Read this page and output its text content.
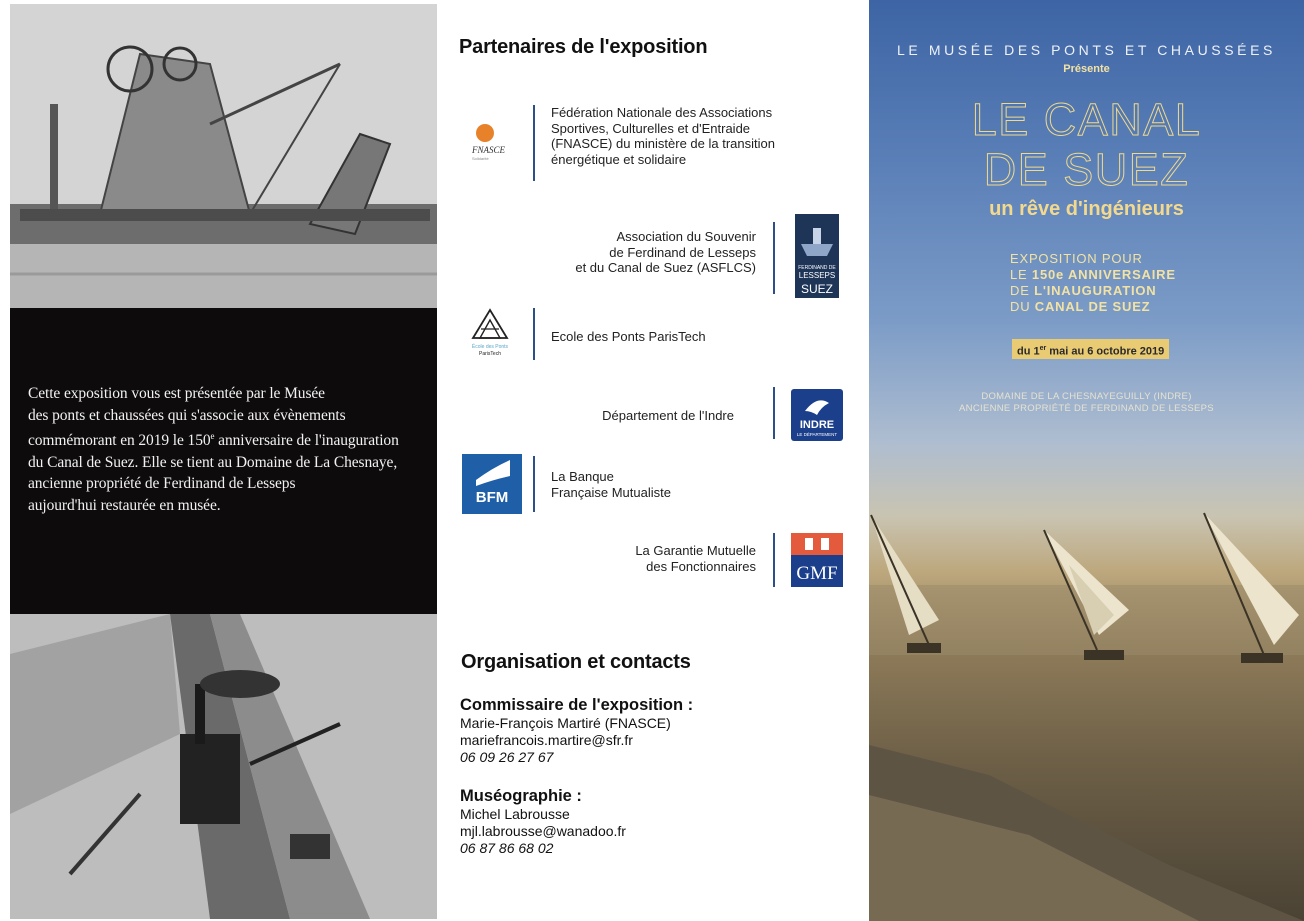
Cette exposition vous est présentée par le Musée
des ponts et chaussées qui s'associe aux évènements
commémorant en 2019 le 150e anniversaire de l'inauguration
du Canal de Suez. Elle se tient au Domaine de La Chesnaye,
ancienne propriété de Ferdinand de Lesseps
aujourd'hui restaurée en musée.

Partenaires de l'exposition
FNASCE
Solidarité

Fédération Nationale des Associations
Sportives, Culturelles et d'Entraide
(FNASCE) du ministère de la transition
énergétique et solidaire

Association du Souvenir
de Ferdinand de Lesseps
et du Canal de Suez (ASFLCS)	FERDINAND DE
LESSEPS
SUEZ
École des Ponts
ParisTech

Ecole des Ponts ParisTech

Département de l'Indre

INDRE
LE DÉPARTEMENT
BFM

La Banque
Française Mutualiste

La Garantie Mutuelle
des Fonctionnaires GMF
Organisation et contacts
Commissaire de l'exposition :
Marie-François Martiré (FNASCE)
mariefrancois.martire@sfr.fr
06 09 26 27 67
Muséographie :
Michel Labrousse
mjl.labrousse@wanadoo.fr
06 87 86 68 02
LE MUSÉE DES PONTS ET CHAUSSÉES
Présente
LE CANAL
DE SUEZ
un rêve d'ingénieurs
EXPOSITION POUR
LE 150e ANNIVERSAIRE
DE L'INAUGURATION
DU CANAL DE SUEZ
du 1er mai au 6 octobre 2019
DOMAINE DE LA CHESNAYEGUILLY (INDRE)
ANCIENNE PROPRIÉTÉ DE FERDINAND DE LESSEPS
